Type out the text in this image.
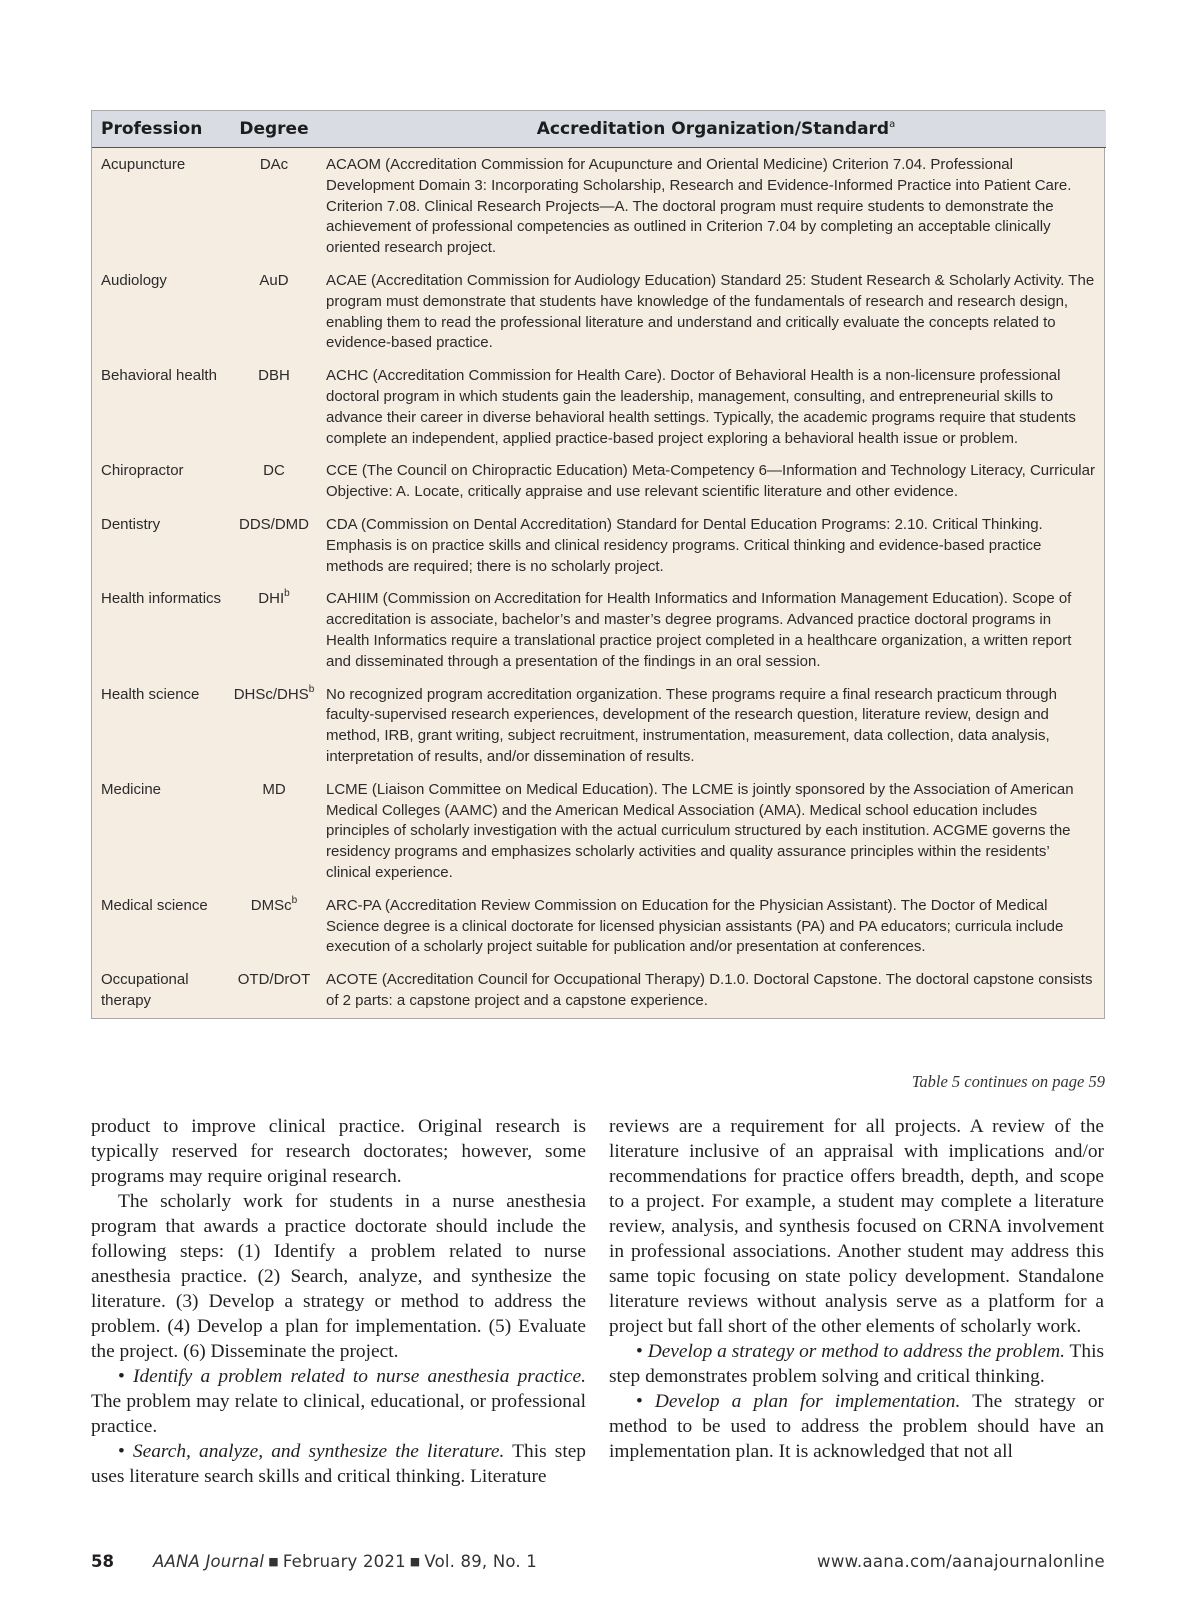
Profession	Degree	Accreditation Organization/Standard$^a$
Acupuncture	DAc	ACAOM (Accreditation Commission for Acupuncture and Oriental Medicine) Criterion 7.04. Professional Development Domain 3: Incorporating Scholarship, Research and Evidence-Informed Practice into Patient Care. Criterion 7.08. Clinical Research Projects—A. The doctoral program must require students to demonstrate the achievement of professional competencies as outlined in Criterion 7.04 by completing an acceptable clinically oriented research project.
Audiology	AuD	ACAE (Accreditation Commission for Audiology Education) Standard 25: Student Research & Scholarly Activity. The program must demonstrate that students have knowledge of the fundamentals of research and research design, enabling them to read the professional literature and understand and critically evaluate the concepts related to evidence-based practice.
Behavioral health	DBH	ACHC (Accreditation Commission for Health Care). Doctor of Behavioral Health is a non-licensure professional doctoral program in which students gain the leadership, management, consulting, and entrepreneurial skills to advance their career in diverse behavioral health settings. Typically, the academic programs require that students complete an independent, applied practice-based project exploring a behavioral health issue or problem.
Chiropractor	DC	CCE (The Council on Chiropractic Education) Meta-Competency 6—Information and Technology Literacy, Curricular Objective: A. Locate, critically appraise and use relevant scientific literature and other evidence.
Dentistry	DDS/DMD	CDA (Commission on Dental Accreditation) Standard for Dental Education Programs: 2.10. Critical Thinking. Emphasis is on practice skills and clinical residency programs. Critical thinking and evidence-based practice methods are required; there is no scholarly project.
Health informatics	DHI$^b$	CAHIIM (Commission on Accreditation for Health Informatics and Information Management Education). Scope of accreditation is associate, bachelor’s and master’s degree programs. Advanced practice doctoral programs in Health Informatics require a translational practice project completed in a healthcare organization, a written report and disseminated through a presentation of the findings in an oral session.
Health science	DHSc/DHS$^b$	No recognized program accreditation organization. These programs require a final research practicum through faculty-supervised research experiences, development of the research question, literature review, design and method, IRB, grant writing, subject recruitment, instrumentation, measurement, data collection, data analysis, interpretation of results, and/or dissemination of results.
Medicine	MD	LCME (Liaison Committee on Medical Education). The LCME is jointly sponsored by the Association of American Medical Colleges (AAMC) and the American Medical Association (AMA). Medical school education includes principles of scholarly investigation with the actual curriculum structured by each institution. ACGME governs the residency programs and emphasizes scholarly activities and quality assurance principles within the residents’ clinical experience.
Medical science	DMSc$^b$	ARC-PA (Accreditation Review Commission on Education for the Physician Assistant). The Doctor of Medical Science degree is a clinical doctorate for licensed physician assistants (PA) and PA educators; curricula include execution of a scholarly project suitable for publication and/or presentation at conferences.
Occupational therapy	OTD/DrOT	ACOTE (Accreditation Council for Occupational Therapy) D.1.0. Doctoral Capstone. The doctoral capstone consists of 2 parts: a capstone project and a capstone experience.
Table 5 continues on page 59

product to improve clinical practice. Original research is typically reserved for research doctorates; however, some programs may require original research.

The scholarly work for students in a nurse anesthesia program that awards a practice doctorate should include the following steps: (1) Identify a problem related to nurse anesthesia practice. (2) Search, analyze, and synthesize the literature. (3) Develop a strategy or method to address the problem. (4) Develop a plan for implementation. (5) Evaluate the project. (6) Disseminate the project.

• Identify a problem related to nurse anesthesia practice. The problem may relate to clinical, educational, or professional practice.

• Search, analyze, and synthesize the literature. This step uses literature search skills and critical thinking. Literature

reviews are a requirement for all projects. A review of the literature inclusive of an appraisal with implications and/or recommendations for practice offers breadth, depth, and scope to a project. For example, a student may complete a literature review, analysis, and synthesis focused on CRNA involvement in professional associations. Another student may address this same topic focusing on state policy development. Standalone literature reviews without analysis serve as a platform for a project but fall short of the other elements of scholarly work.

• Develop a strategy or method to address the problem. This step demonstrates problem solving and critical thinking.

• Develop a plan for implementation. The strategy or method to be used to address the problem should have an implementation plan. It is acknowledged that not all

58 AANA Journal ■ February 2021 ■ Vol. 89, No. 1	www.aana.com/aanajournalonline
